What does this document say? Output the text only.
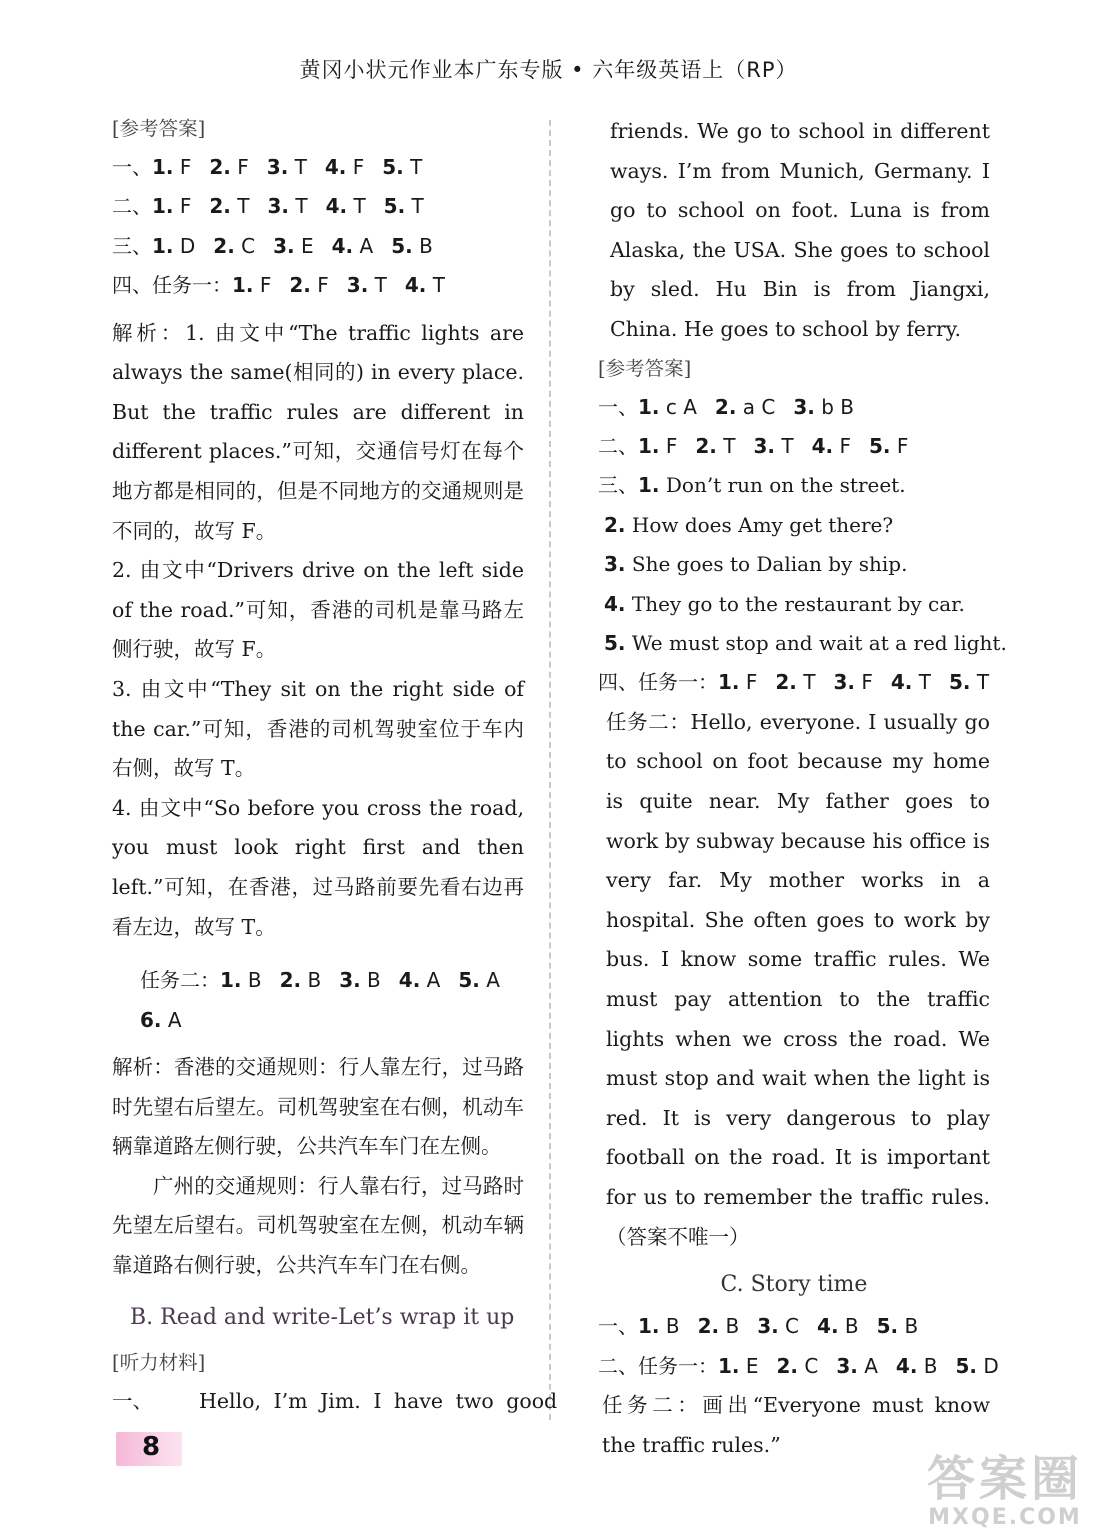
黄冈小状元作业本广东专版 • 六年级英语上（RP）
[参考答案]
一、1. F 2. F 3. T 4. F 5. T
二、1. F 2. T 3. T 4. T 5. T
三、1. D 2. C 3. E 4. A 5. B
四、任务一：1. F 2. F 3. T 4. T
解析：1. 由文中“The traffic lights are always the same(相同的) in every place. But the traffic rules are different in different places.”可知，交通信号灯在每个地方都是相同的，但是不同地方的交通规则是不同的，故写 F。
2. 由文中“Drivers drive on the left side of the road.”可知，香港的司机是靠马路左侧行驶，故写 F。
3. 由文中“They sit on the right side of the car.”可知，香港的司机驾驶室位于车内右侧，故写 T。
4. 由文中“So before you cross the road, you must look right first and then left.”可知，在香港，过马路前要先看右边再看左边，故写 T。
任务二：1. B 2. B 3. B 4. A 5. A
6. A
解析：香港的交通规则：行人靠左行，过马路时先望右后望左。司机驾驶室在右侧，机动车辆靠道路左侧行驶，公共汽车车门在左侧。
广州的交通规则：行人靠右行，过马路时先望左后望右。司机驾驶室在左侧，机动车辆靠道路右侧行驶，公共汽车车门在右侧。
B. Read and write-Let’s wrap it up
[听力材料]
一、 Hello, I’m Jim. I have two good
friends. We go to school in different ways. I’m from Munich, Germany. I go to school on foot. Luna is from Alaska, the USA. She goes to school by sled. Hu Bin is from Jiangxi, China. He goes to school by ferry.
[参考答案]
一、1. c A 2. a C 3. b B
二、1. F 2. T 3. T 4. F 5. F
三、1. Don’t run on the street.
2. How does Amy get there?
3. She goes to Dalian by ship.
4. They go to the restaurant by car.
5. We must stop and wait at a red light.
四、任务一：1. F 2. T 3. F 4. T 5. T
任务二：Hello, everyone. I usually go to school on foot because my home is quite near. My father goes to work by subway because his office is very far. My mother works in a hospital. She often goes to work by bus. I know some traffic rules. We must pay attention to the traffic lights when we cross the road. We must stop and wait when the light is red. It is very dangerous to play football on the road. It is important for us to remember the traffic rules.（答案不唯一）
C. Story time
一、1. B 2. B 3. C 4. B 5. B
二、任务一：1. E 2. C 3. A 4. B 5. D
任务二：画出“Everyone must know the traffic rules.”
8
答案圈
MXQE.COM
